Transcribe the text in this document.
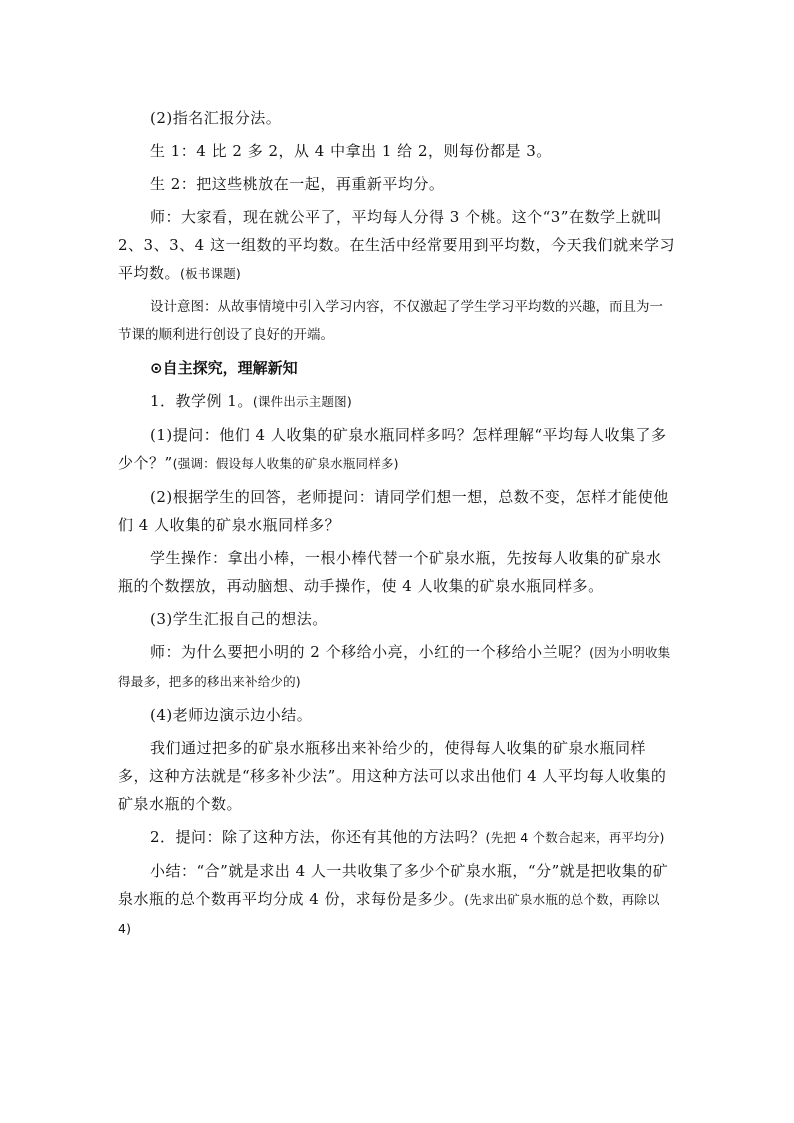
(2)指名汇报分法。

生 1：4 比 2 多 2，从 4 中拿出 1 给 2，则每份都是 3。

生 2：把这些桃放在一起，再重新平均分。

师：大家看，现在就公平了，平均每人分得 3 个桃。这个“3”在数学上就叫 2、3、3、4 这一组数的平均数。在生活中经常要用到平均数，今天我们就来学习平均数。(板书课题)

设计意图：从故事情境中引入学习内容，不仅激起了学生学习平均数的兴趣，而且为一节课的顺利进行创设了良好的开端。

⊙自主探究，理解新知

1．教学例 1。(课件出示主题图)

(1)提问：他们 4 人收集的矿泉水瓶同样多吗？怎样理解“平均每人收集了多少个？”(强调：假设每人收集的矿泉水瓶同样多)

(2)根据学生的回答，老师提问：请同学们想一想，总数不变，怎样才能使他们 4 人收集的矿泉水瓶同样多？

学生操作：拿出小棒，一根小棒代替一个矿泉水瓶，先按每人收集的矿泉水瓶的个数摆放，再动脑想、动手操作，使 4 人收集的矿泉水瓶同样多。

(3)学生汇报自己的想法。

师：为什么要把小明的 2 个移给小亮，小红的一个移给小兰呢？(因为小明收集得最多，把多的移出来补给少的)

(4)老师边演示边小结。

我们通过把多的矿泉水瓶移出来补给少的，使得每人收集的矿泉水瓶同样多，这种方法就是“移多补少法”。用这种方法可以求出他们 4 人平均每人收集的矿泉水瓶的个数。

2．提问：除了这种方法，你还有其他的方法吗？(先把 4 个数合起来，再平均分)

小结：“合”就是求出 4 人一共收集了多少个矿泉水瓶，“分”就是把收集的矿泉水瓶的总个数再平均分成 4 份，求每份是多少。(先求出矿泉水瓶的总个数，再除以 4)
